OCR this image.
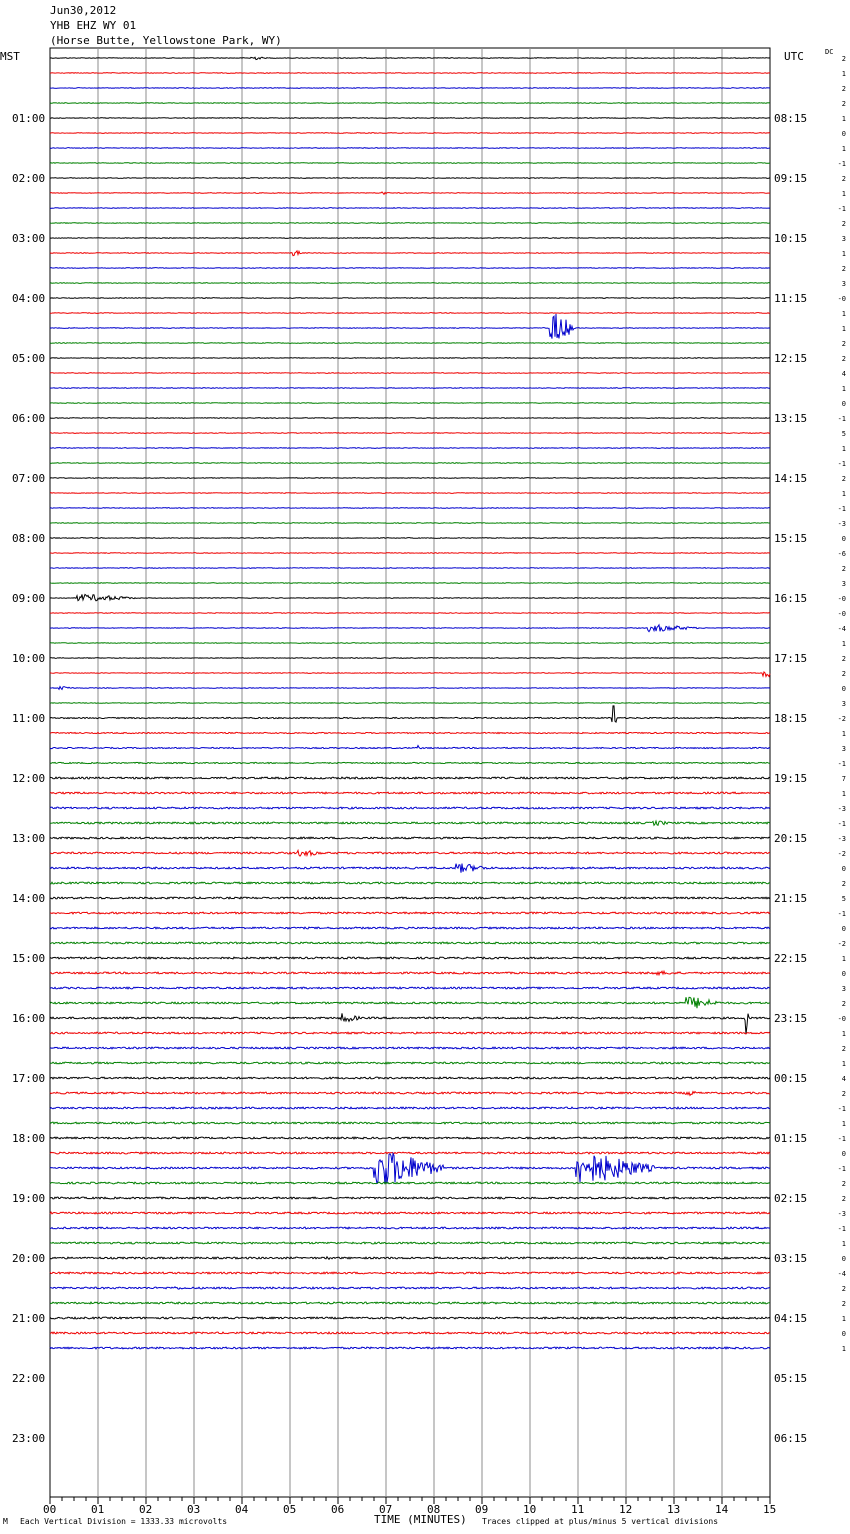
Jun30,2012
YHB EHZ WY 01
(Horse Butte, Yellowstone Park, WY)
MST	UTC	DC
01:00
02:00
03:00
04:00
05:00
06:00
07:00
08:00
09:00
10:00
11:00
12:00
13:00
14:00
15:00
16:00
17:00
18:00
19:00
20:00
21:00
22:00
23:00
08:15
09:15
10:15
11:15
12:15
13:15
14:15
15:15
16:15
17:15
18:15
19:15
20:15
21:15
22:15
23:15
00:15
01:15
02:15
03:15
04:15
05:15
06:15
2
1
2
2
1
0
1
-1
2
1
-1
2
3
1
2
3
-0
1
1
2
2
4
1
0
-1
5
1
-1
2
1
-1
-3
0
-6
2
3
-0
-0
-4
1
2
2
0
3
-2
1
3
-1
7
1
-3
-1
-3
-2
0
2
5
-1
0
-2
1
0
3
2
-0
1
2
1
4
2
-1
1
-1
0
-1
2
2
-3
-1
1
0
-4
2
2
1
0
1
00	01	02	03	04	05	06	07	08	09	10	11	12	13	14	15
TIME (MINUTES)
M Each Vertical Division = 1333.33 microvolts	Traces clipped at plus/minus 5 vertical divisions
